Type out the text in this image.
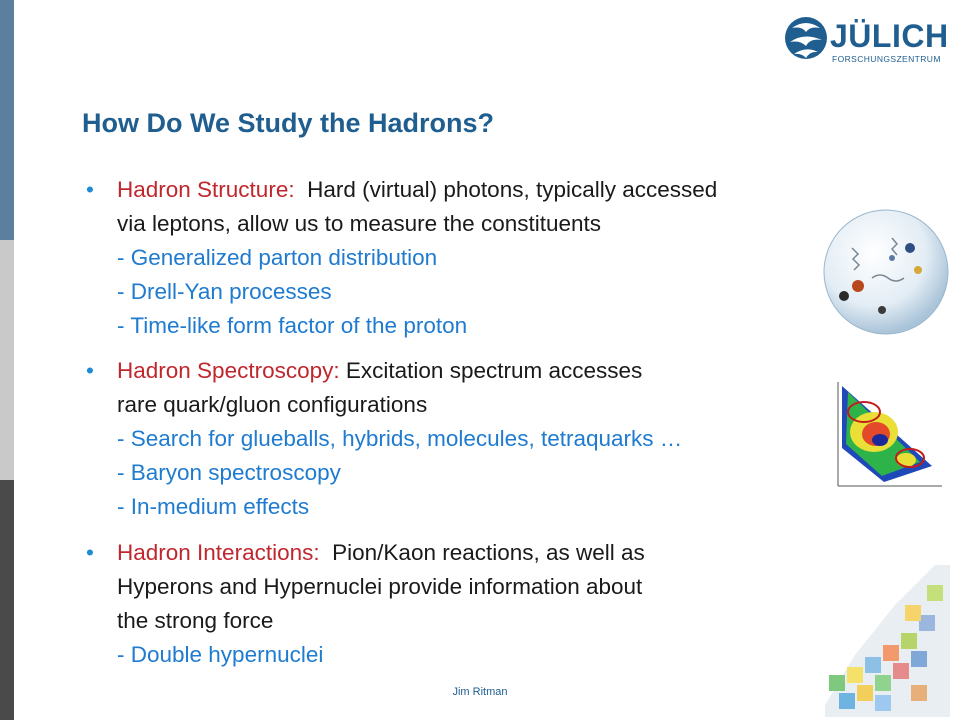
JÜLICH
FORSCHUNGSZENTRUM
How Do We Study the Hadrons?
• Hadron Structure: Hard (virtual) photons, typically accessed
via leptons, allow us to measure the constituents
- Generalized parton distribution
- Drell-Yan processes
- Time-like form factor of the proton
• Hadron Spectroscopy: Excitation spectrum accesses
rare quark/gluon configurations
- Search for glueballs, hybrids, molecules, tetraquarks …
- Baryon spectroscopy
- In-medium effects
• Hadron Interactions: Pion/Kaon reactions, as well as
Hyperons and Hypernuclei provide information about
the strong force
- Double hypernuclei
Jim Ritman
